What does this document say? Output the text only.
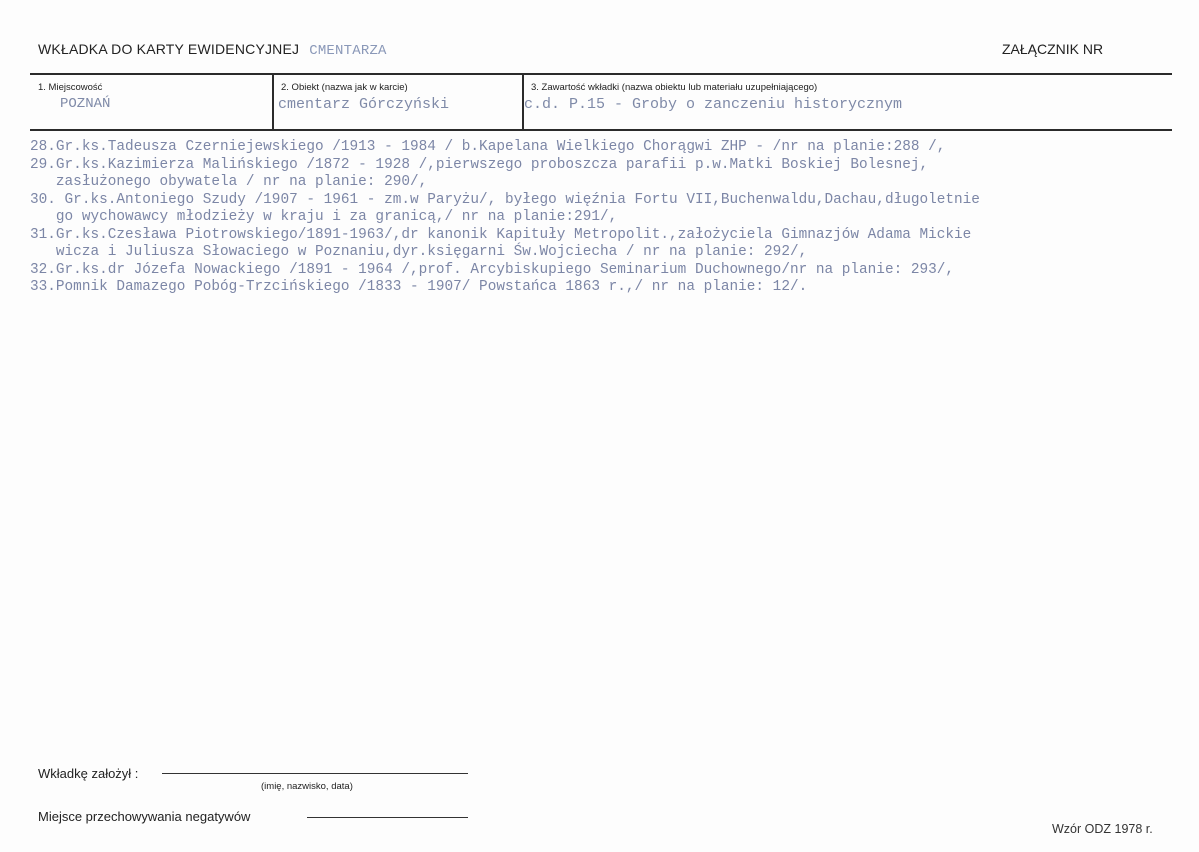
WKŁADKA DO KARTY EWIDENCYJNEJ CMENTARZA	ZAŁĄCZNIK NR
1. Miejscowość	2. Obiekt (nazwa jak w karcie)	3. Zawartość wkładki (nazwa obiektu lub materiału uzupełniającego)
POZNAŃ	cmentarz Górczyński	c.d. P.15 - Groby o zanczeniu historycznym
28.Gr.ks.Tadeusza Czerniejewskiego /1913 - 1984 / b.Kapelana Wielkiego Chorągwi ZHP - /nr na planie:288 /,
29.Gr.ks.Kazimierza Malińskiego /1872 - 1928 /,pierwszego proboszcza parafii p.w.Matki Boskiej Bolesnej,
zasłużonego obywatela / nr na planie: 290/,
30. Gr.ks.Antoniego Szudy /1907 - 1961 - zm.w Paryżu/, byłego więźnia Fortu VII,Buchenwaldu,Dachau,długoletnie
go wychowawcy młodzieży w kraju i za granicą,/ nr na planie:291/,
31.Gr.ks.Czesława Piotrowskiego/1891-1963/,dr kanonik Kapituły Metropolit.,założyciela Gimnazjów Adama Mickie
wicza i Juliusza Słowaciego w Poznaniu,dyr.księgarni Św.Wojciecha / nr na planie: 292/,
32.Gr.ks.dr Józefa Nowackiego /1891 - 1964 /,prof. Arcybiskupiego Seminarium Duchownego/nr na planie: 293/,
33.Pomnik Damazego Pobóg-Trzcińskiego /1833 - 1907/ Powstańca 1863 r.,/ nr na planie: 12/.
Wkładkę założył :
(imię, nazwisko, data)
Miejsce przechowywania negatywów
Wzór ODZ 1978 r.
